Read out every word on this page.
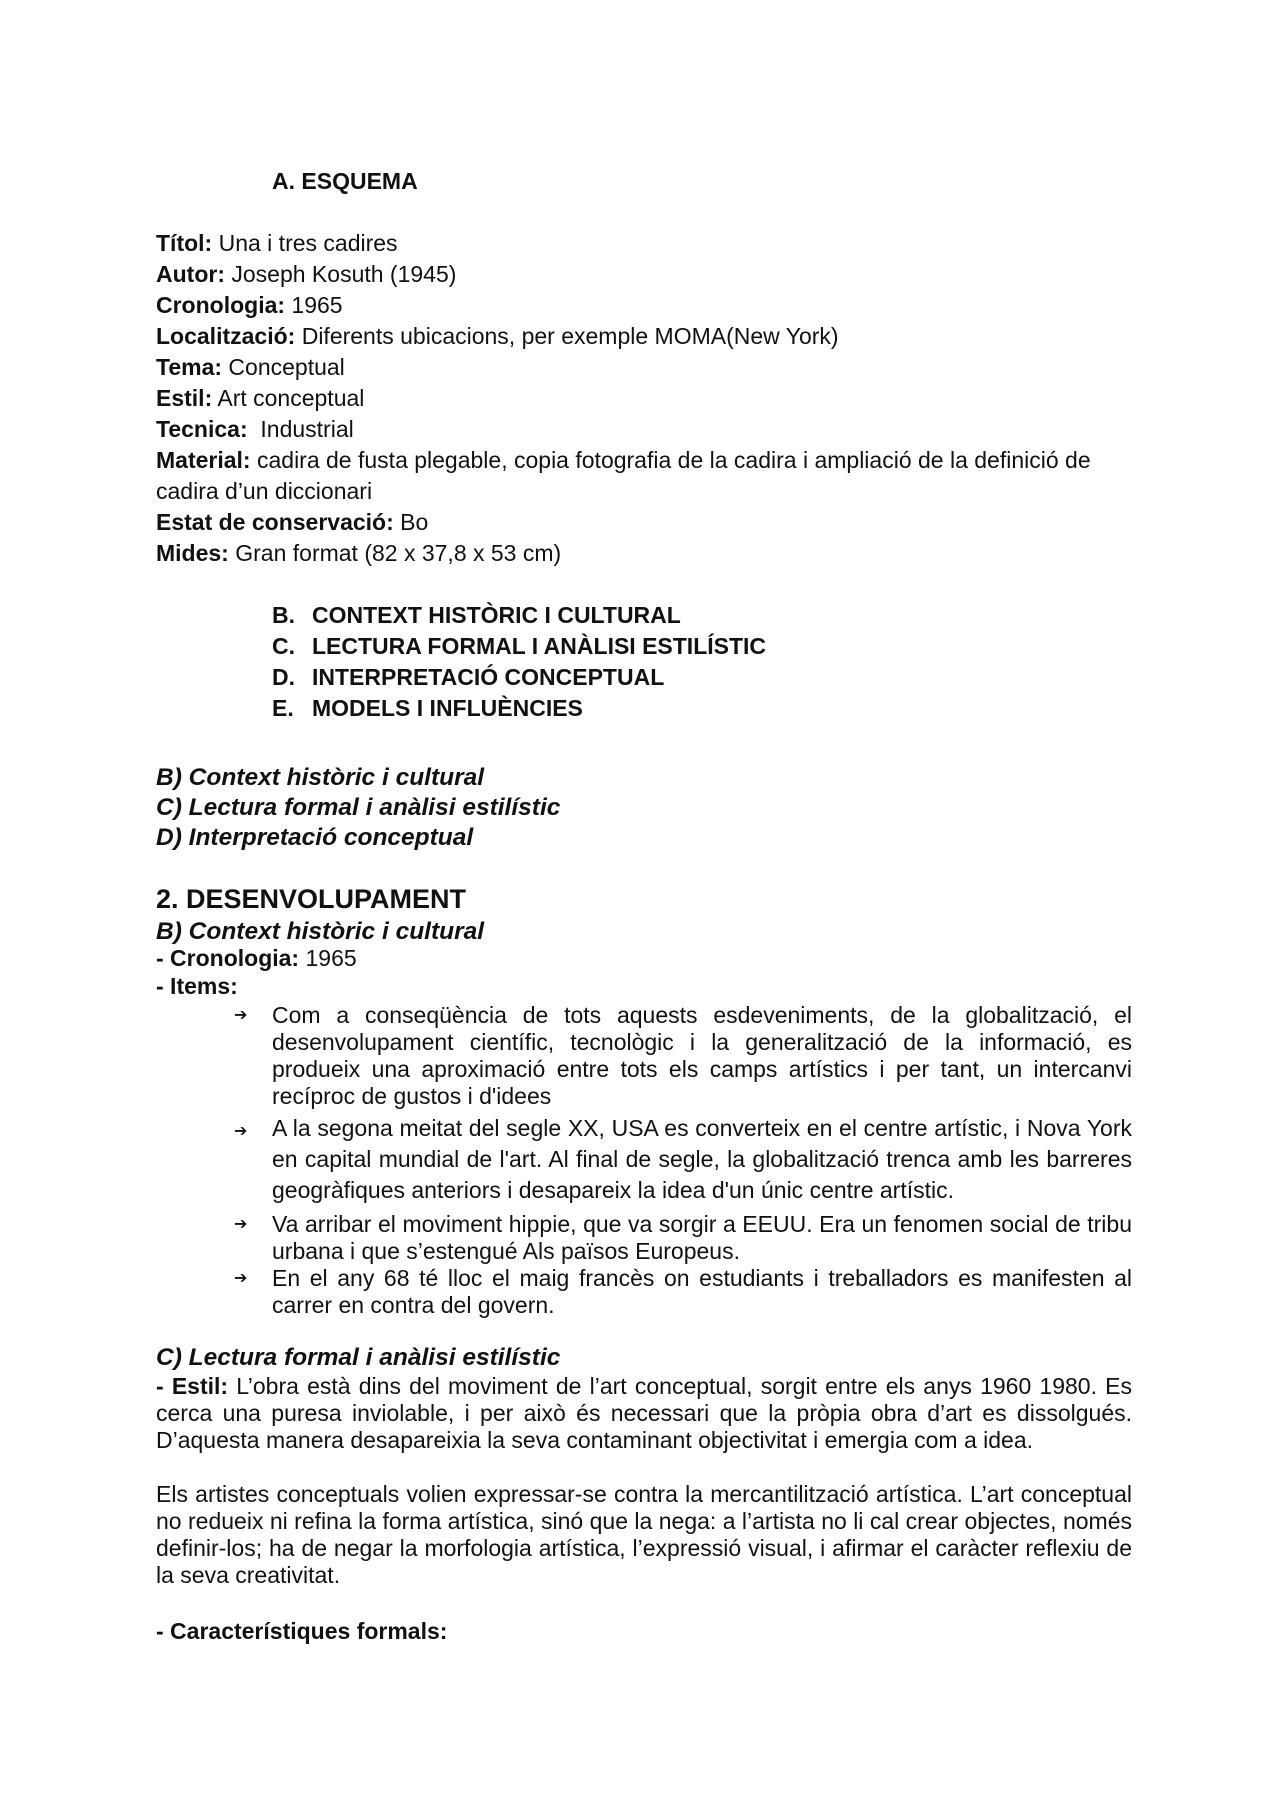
A. ESQUEMA
Títol: Una i tres cadires
Autor: Joseph Kosuth (1945)
Cronologia: 1965
Localització: Diferents ubicacions, per exemple MOMA(New York)
Tema: Conceptual
Estil: Art conceptual
Tecnica:  Industrial
Material: cadira de fusta plegable, copia fotografia de la cadira i ampliació de la definició de
cadira d’un diccionari
Estat de conservació: Bo
Mides: Gran format (82 x 37,8 x 53 cm)
B. CONTEXT HISTÒRIC I CULTURAL
C. LECTURA FORMAL I ANÀLISI ESTILÍSTIC
D. INTERPRETACIÓ CONCEPTUAL
E. MODELS I INFLUÈNCIES
B) Context històric i cultural
C) Lectura formal i anàlisi estilístic
D) Interpretació conceptual
2. DESENVOLUPAMENT
B) Context històric i cultural
- Cronologia: 1965
- Items:
➔ Com a conseqüència de tots aquests esdeveniments, de la globalització, el desenvolupament científic, tecnològic i la generalització de la informació, es produeix una aproximació entre tots els camps artístics i per tant, un intercanvi recíproc de gustos i d'idees
➔ A la segona meitat del segle XX, USA es converteix en el centre artístic, i Nova York en capital mundial de l'art. Al final de segle, la globalització trenca amb les barreres geogràfiques anteriors i desapareix la idea d'un únic centre artístic.
➔ Va arribar el moviment hippie, que va sorgir a EEUU. Era un fenomen social de tribu urbana i que s’estengué Als països Europeus.
➔ En el any 68 té lloc el maig francès on estudiants i treballadors es manifesten al carrer en contra del govern.
C) Lectura formal i anàlisi estilístic
- Estil: L’obra està dins del moviment de l’art conceptual, sorgit entre els anys 1960 1980. Es cerca una puresa inviolable, i per això és necessari que la pròpia obra d’art es dissolgués. D’aquesta manera desapareixia la seva contaminant objectivitat i emergia com a idea.
Els artistes conceptuals volien expressar-se contra la mercantilització artística. L’art conceptual no redueix ni refina la forma artística, sinó que la nega: a l’artista no li cal crear objectes, només definir-los; ha de negar la morfologia artística, l’expressió visual, i afirmar el caràcter reflexiu de la seva creativitat.
- Característiques formals:
